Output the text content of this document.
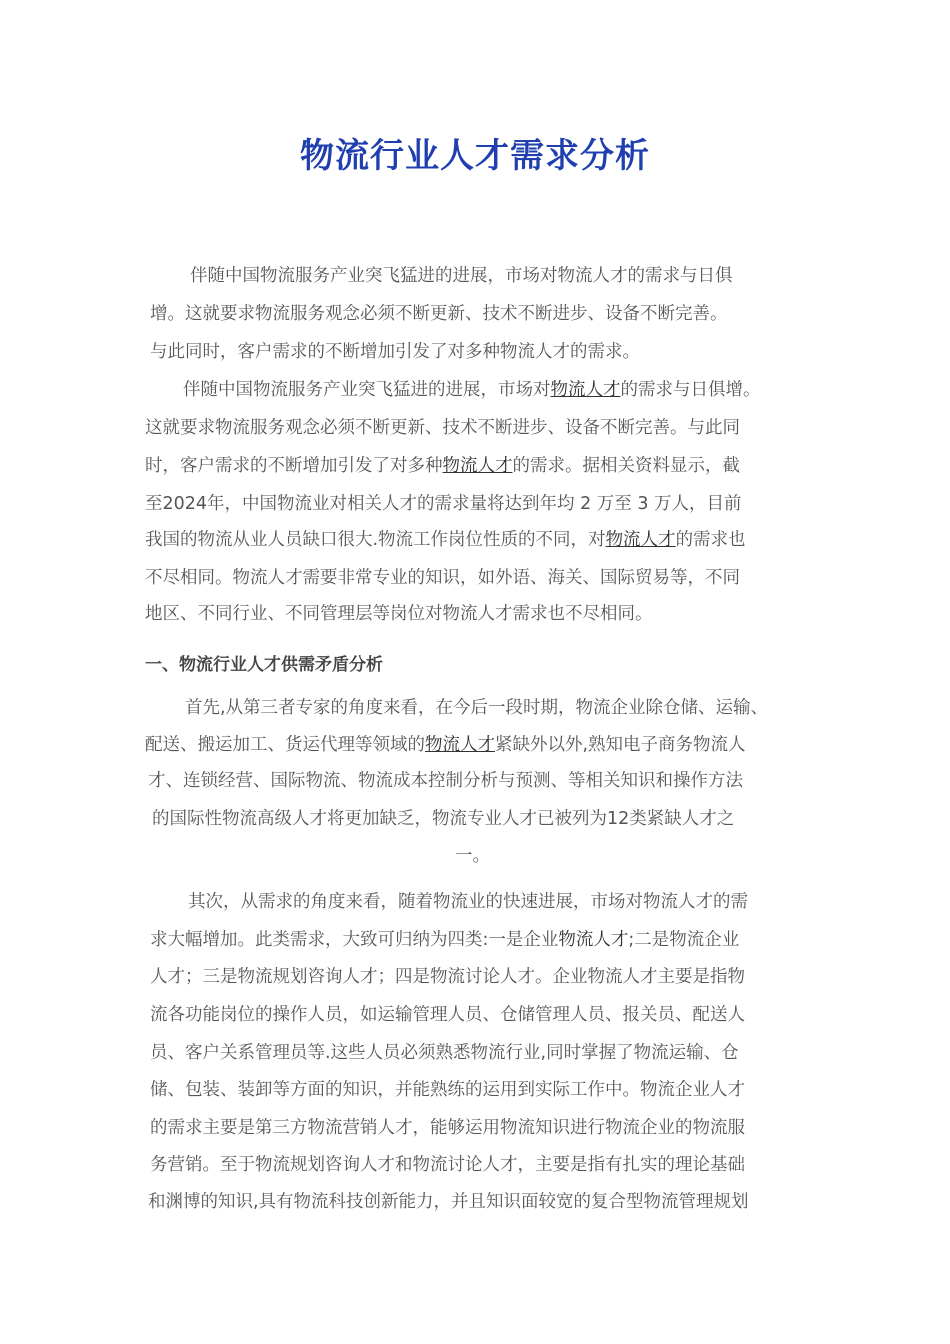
物流行业人才需求分析
伴随中国物流服务产业突飞猛进的进展，市场对物流人才的需求与日俱
增。这就要求物流服务观念必须不断更新、技术不断进步、设备不断完善。
与此同时，客户需求的不断增加引发了对多种物流人才的需求。
伴随中国物流服务产业突飞猛进的进展，市场对物流人才的需求与日俱增。
这就要求物流服务观念必须不断更新、技术不断进步、设备不断完善。与此同
时，客户需求的不断增加引发了对多种物流人才的需求。据相关资料显示，截
至2024年，中国物流业对相关人才的需求量将达到年均 2 万至 3 万人，目前
我国的物流从业人员缺口很大.物流工作岗位性质的不同，对物流人才的需求也
不尽相同。物流人才需要非常专业的知识，如外语、海关、国际贸易等，不同
地区、不同行业、不同管理层等岗位对物流人才需求也不尽相同。
一、物流行业人才供需矛盾分析
首先,从第三者专家的角度来看，在今后一段时期，物流企业除仓储、运输、
配送、搬运加工、货运代理等领域的物流人才紧缺外以外,熟知电子商务物流人
才、连锁经营、国际物流、物流成本控制分析与预测、等相关知识和操作方法
的国际性物流高级人才将更加缺乏，物流专业人才已被列为12类紧缺人才之
一。
其次，从需求的角度来看，随着物流业的快速进展，市场对物流人才的需
求大幅增加。此类需求，大致可归纳为四类:一是企业物流人才;二是物流企业
人才；三是物流规划咨询人才；四是物流讨论人才。企业物流人才主要是指物
流各功能岗位的操作人员，如运输管理人员、仓储管理人员、报关员、配送人
员、客户关系管理员等.这些人员必须熟悉物流行业,同时掌握了物流运输、仓
储、包装、装卸等方面的知识，并能熟练的运用到实际工作中。物流企业人才
的需求主要是第三方物流营销人才，能够运用物流知识进行物流企业的物流服
务营销。至于物流规划咨询人才和物流讨论人才，主要是指有扎实的理论基础
和渊博的知识,具有物流科技创新能力，并且知识面较宽的复合型物流管理规划
